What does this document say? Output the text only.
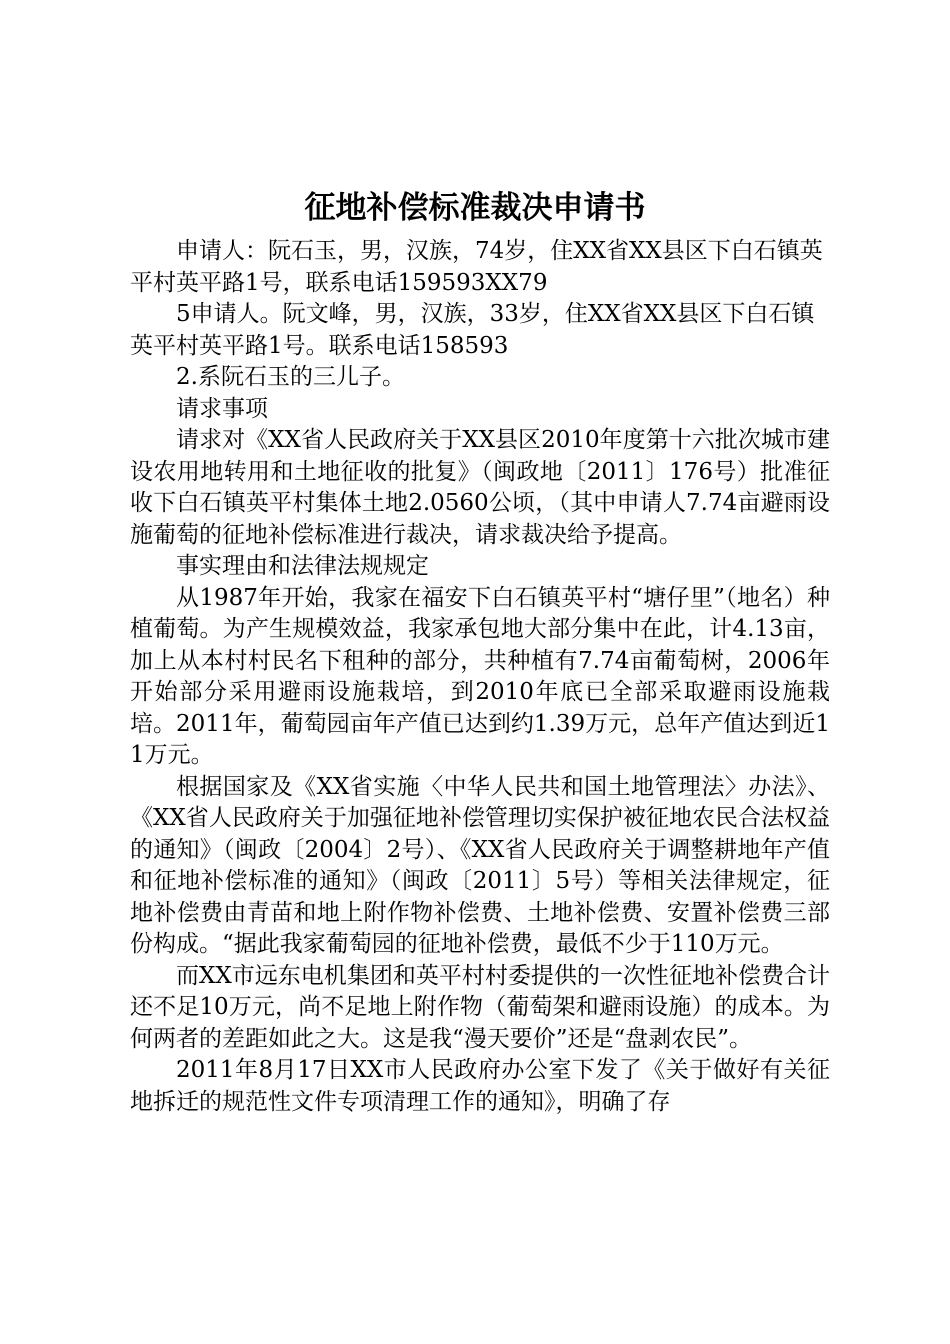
征地补偿标准裁决申请书

申请人：阮石玉，男，汉族，74岁，住XX省XX县区下白石镇英平村英平路1号，联系电话159593XX79

5申请人。阮文峰，男，汉族，33岁，住XX省XX县区下白石镇英平村英平路1号。联系电话158593

2.系阮石玉的三儿子。

请求事项

请求对《XX省人民政府关于XX县区2010年度第十六批次城市建设农用地转用和土地征收的批复》（闽政地〔2011〕176号）批准征收下白石镇英平村集体土地2.0560公顷，（其中申请人7.74亩避雨设施葡萄的征地补偿标准进行裁决，请求裁决给予提高。

事实理由和法律法规规定

从1987年开始，我家在福安下白石镇英平村“塘仔里”（地名）种植葡萄。为产生规模效益，我家承包地大部分集中在此，计4.13亩，加上从本村村民名下租种的部分，共种植有7.74亩葡萄树，2006年开始部分采用避雨设施栽培，到2010年底已全部采取避雨设施栽培。2011年，葡萄园亩年产值已达到约1.39万元，总年产值达到近11万元。

根据国家及《XX省实施〈中华人民共和国土地管理法〉办法》、《XX省人民政府关于加强征地补偿管理切实保护被征地农民合法权益的通知》（闽政〔2004〕2号）、《XX省人民政府关于调整耕地年产值和征地补偿标准的通知》（闽政〔2011〕5号）等相关法律规定，征地补偿费由青苗和地上附作物补偿费、土地补偿费、安置补偿费三部份构成。“据此我家葡萄园的征地补偿费，最低不少于110万元。

而XX市远东电机集团和英平村村委提供的一次性征地补偿费合计还不足10万元，尚不足地上附作物（葡萄架和避雨设施）的成本。为何两者的差距如此之大。这是我“漫天要价”还是“盘剥农民”。

2011年8月17日XX市人民政府办公室下发了《关于做好有关征地拆迁的规范性文件专项清理工作的通知》，明确了存
